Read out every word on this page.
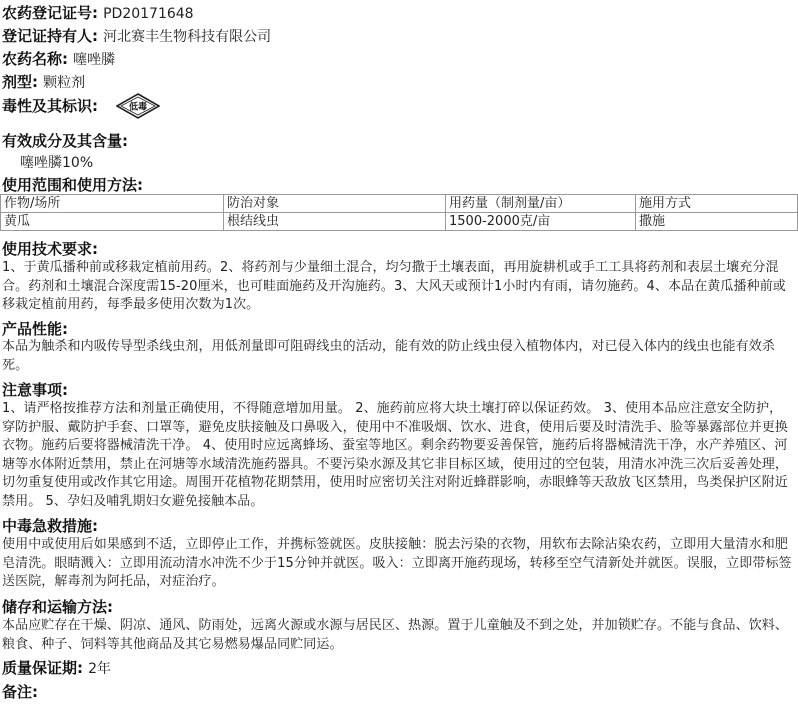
农药登记证号: PD20171648
登记证持有人: 河北赛丰生物科技有限公司
农药名称: 噻唑膦
剂型: 颗粒剂
毒性及其标识:	低毒
有效成分及其含量:
噻唑膦10%
使用范围和使用方法:
作物/场所	防治对象	用药量（制剂量/亩）	施用方式
黄瓜	根结线虫	1500-2000克/亩	撒施
使用技术要求:
1、于黄瓜播种前或移栽定植前用药。2、将药剂与少量细土混合，均匀撒于土壤表面，再用旋耕机或手工工具将药剂和表层土壤充分混合。药剂和土壤混合深度需15-20厘米，也可畦面施药及开沟施药。3、大风天或预计1小时内有雨，请勿施药。4、本品在黄瓜播种前或移栽定植前用药，每季最多使用次数为1次。
产品性能:
本品为触杀和内吸传导型杀线虫剂，用低剂量即可阻碍线虫的活动，能有效的防止线虫侵入植物体内，对已侵入体内的线虫也能有效杀死。
注意事项:
1、请严格按推荐方法和剂量正确使用，不得随意增加用量。 2、施药前应将大块土壤打碎以保证药效。 3、使用本品应注意安全防护，穿防护服、戴防护手套、口罩等，避免皮肤接触及口鼻吸入，使用中不准吸烟、饮水、进食，使用后要及时清洗手、脸等暴露部位并更换衣物。施药后要将器械清洗干净。 4、使用时应远离蜂场、蚕室等地区。剩余药物要妥善保管，施药后将器械清洗干净，水产养殖区、河塘等水体附近禁用，禁止在河塘等水域清洗施药器具。不要污染水源及其它非目标区域，使用过的空包装，用清水冲洗三次后妥善处理，切勿重复使用或改作其它用途。周围开花植物花期禁用，使用时应密切关注对附近蜂群影响，赤眼蜂等天敌放飞区禁用，鸟类保护区附近禁用。 5、孕妇及哺乳期妇女避免接触本品。
中毒急救措施:
使用中或使用后如果感到不适，立即停止工作，并携标签就医。皮肤接触：脱去污染的衣物，用软布去除沾染农药，立即用大量清水和肥皂清洗。眼睛溅入：立即用流动清水冲洗不少于15分钟并就医。吸入：立即离开施药现场，转移至空气清新处并就医。误服，立即带标签送医院，解毒剂为阿托品，对症治疗。
储存和运输方法:
本品应贮存在干燥、阴凉、通风、防雨处，远离火源或水源与居民区、热源。置于儿童触及不到之处，并加锁贮存。不能与食品、饮料、粮食、种子、饲料等其他商品及其它易燃易爆品同贮同运。
质量保证期: 2年
备注:
